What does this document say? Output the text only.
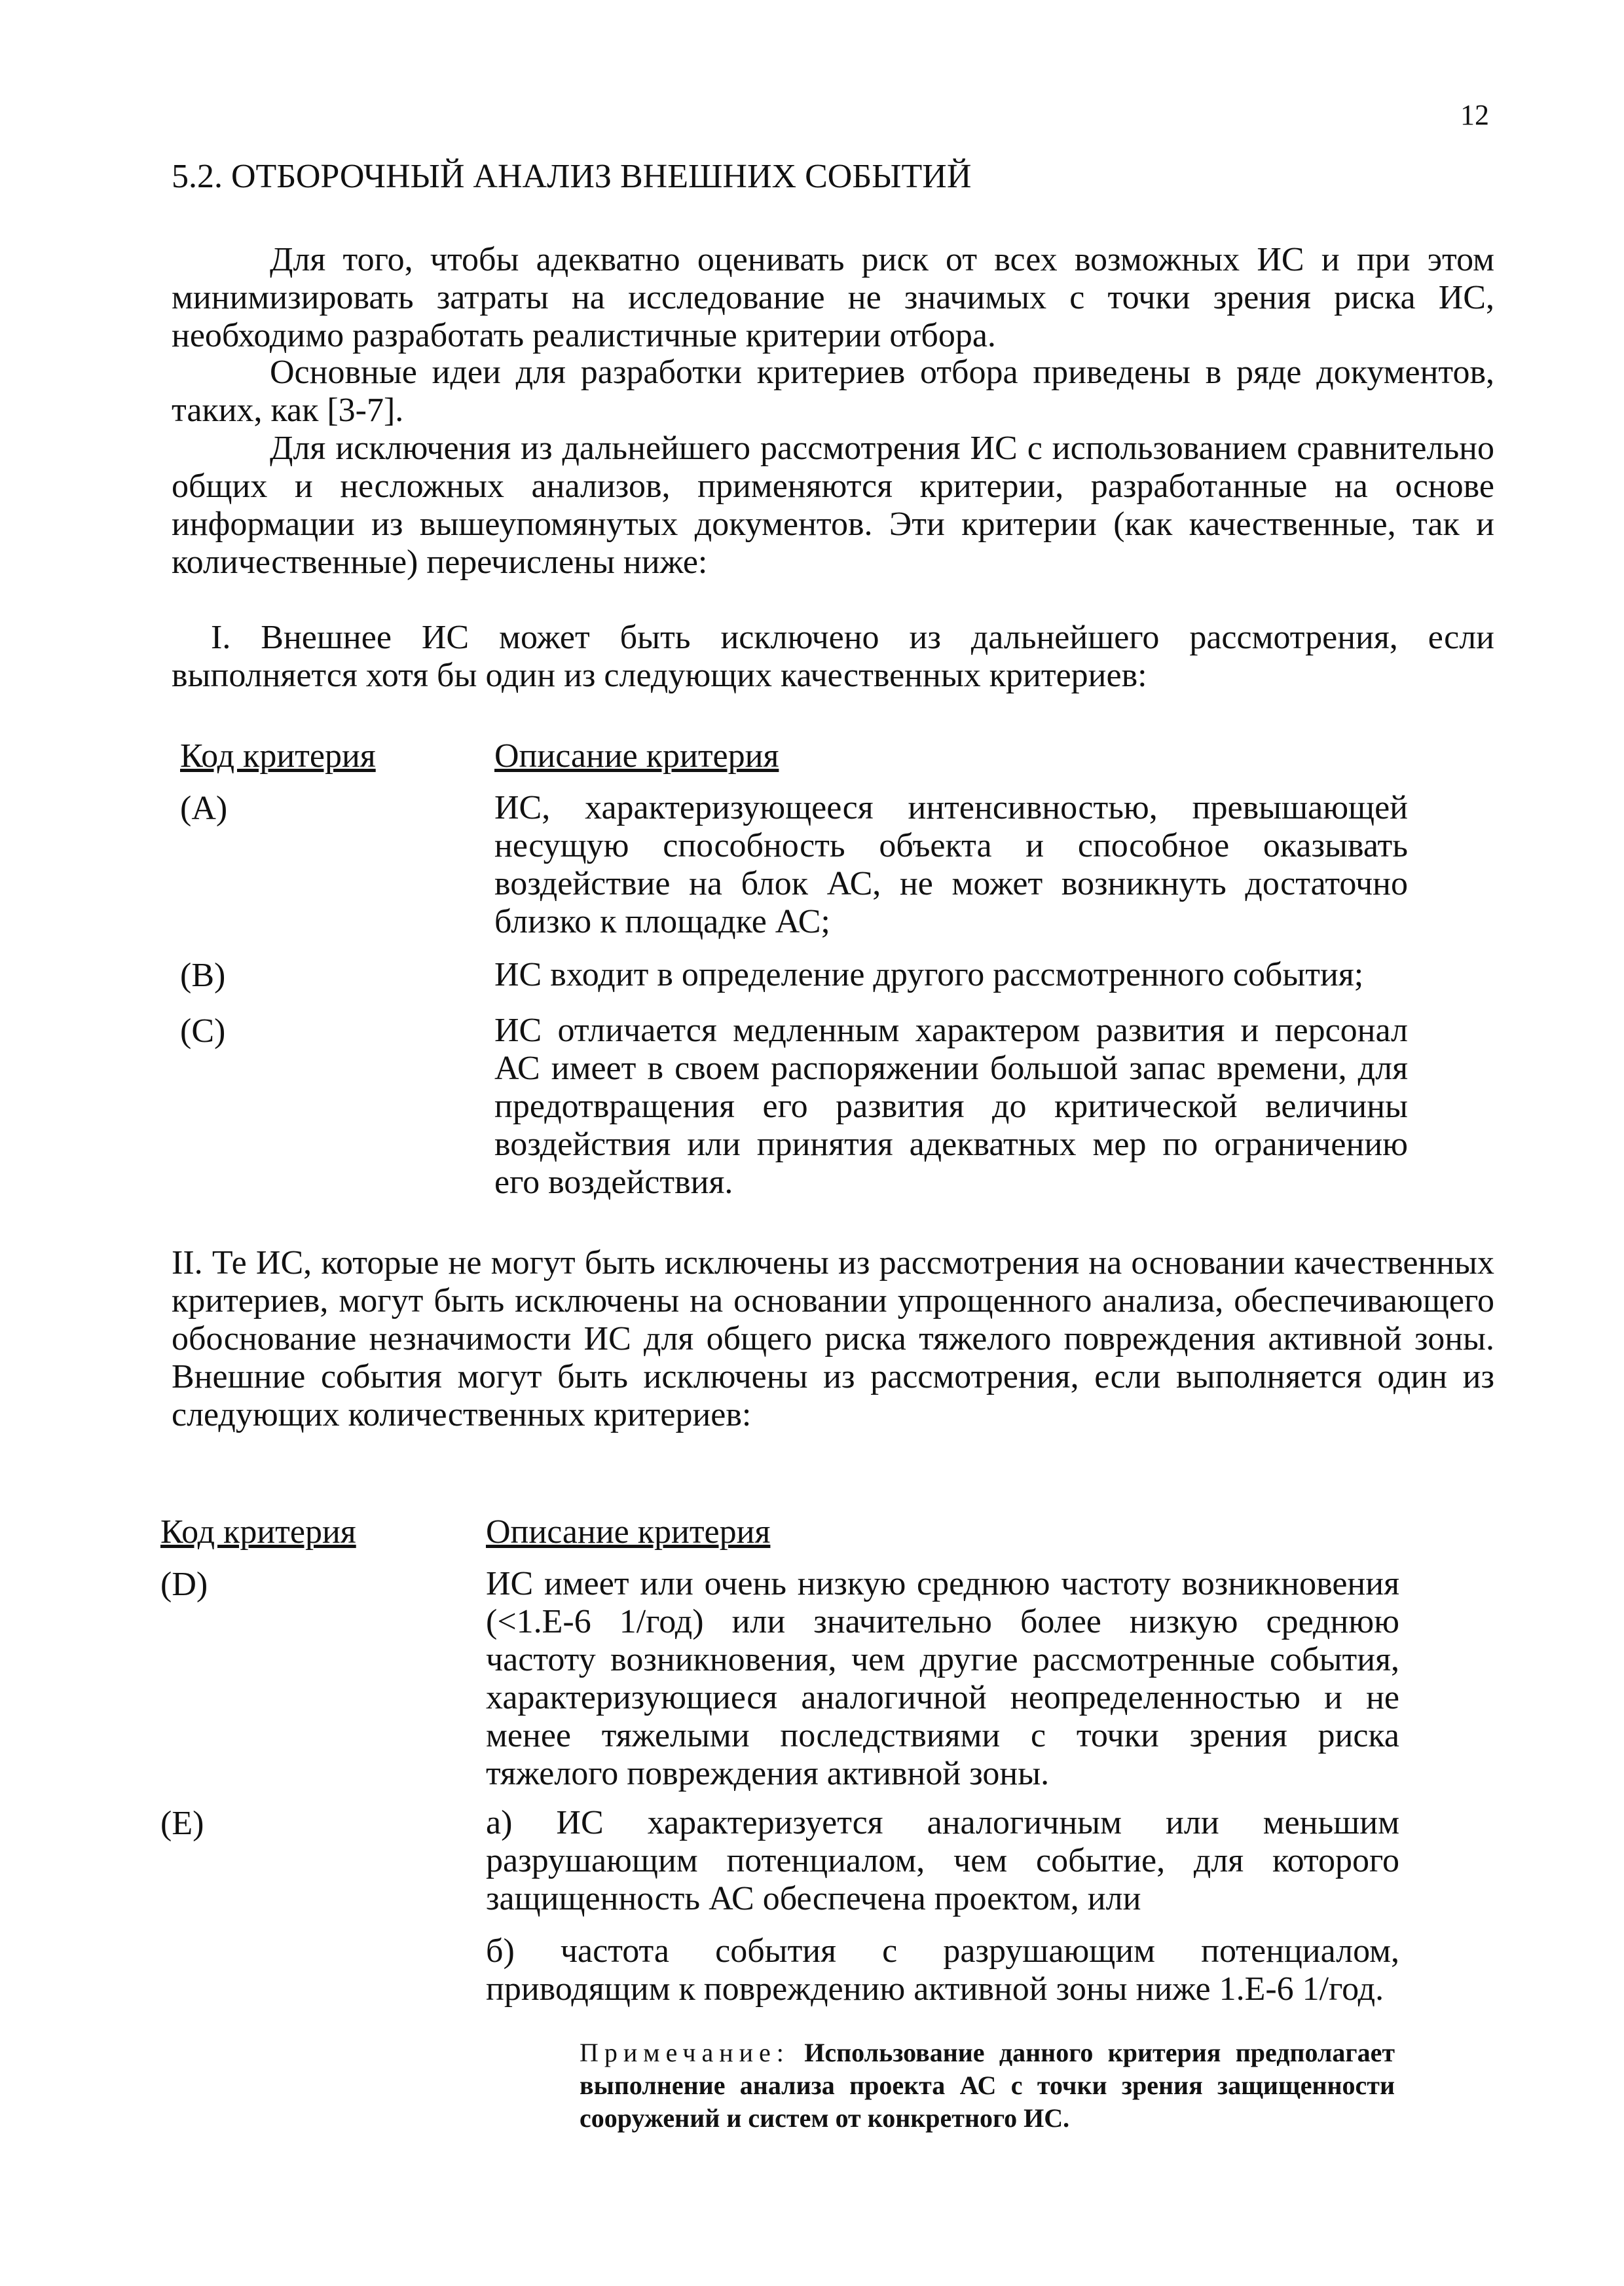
12
5.2. ОТБОРОЧНЫЙ АНАЛИЗ ВНЕШНИХ СОБЫТИЙ

Для того, чтобы адекватно оценивать риск от всех возможных ИС и при этом минимизировать затраты на исследование не значимых с точки зрения риска ИС, необходимо разработать реалистичные критерии отбора.

Основные идеи для разработки критериев отбора приведены в ряде документов, таких, как [3-7].

Для исключения из дальнейшего рассмотрения ИС с использованием сравнительно общих и несложных анализов, применяются критерии, разработанные на основе информации из вышеупомянутых документов. Эти критерии (как качественные, так и количественные) перечислены ниже:

I. Внешнее ИС может быть исключено из дальнейшего рассмотрения, если выполняется хотя бы один из следующих качественных критериев:

Код критерия	Описание критерия
(A)	ИС, характеризующееся интенсивностью, превышающей несущую способность объекта и способное оказывать воздействие на блок АС, не может возникнуть достаточно близко к площадке АС;

(B)	ИС входит в определение другого рассмотренного события;

(C)	ИС отличается медленным характером развития и персонал АС имеет в своем распоряжении большой запас времени, для предотвращения его развития до критической величины воздействия или принятия адекватных мер по ограничению его воздействия.

II. Те ИС, которые не могут быть исключены из рассмотрения на основании качественных критериев, могут быть исключены на основании упрощенного анализа, обеспечивающего обоснование незначимости ИС для общего риска тяжелого повреждения активной зоны. Внешние события могут быть исключены из рассмотрения, если выполняется один из следующих количественных критериев:

Код критерия	Описание критерия
(D)	ИС имеет или очень низкую среднюю частоту возникновения (<1.Е-6 1/год) или значительно более низкую среднюю частоту возникновения, чем другие рассмотренные события, характеризующиеся аналогичной неопределенностью и не менее тяжелыми последствиями с точки зрения риска тяжелого повреждения активной зоны.

(E)	а) ИС характеризуется аналогичным или меньшим разрушающим потенциалом, чем событие, для которого защищенность АС обеспечена проектом, или

б) частота события с разрушающим потенциалом, приводящим к повреждению активной зоны ниже 1.Е-6 1/год.

Примечание: Использование данного критерия предполагает выполнение анализа проекта АС с точки зрения защищенности сооружений и систем от конкретного ИС.
